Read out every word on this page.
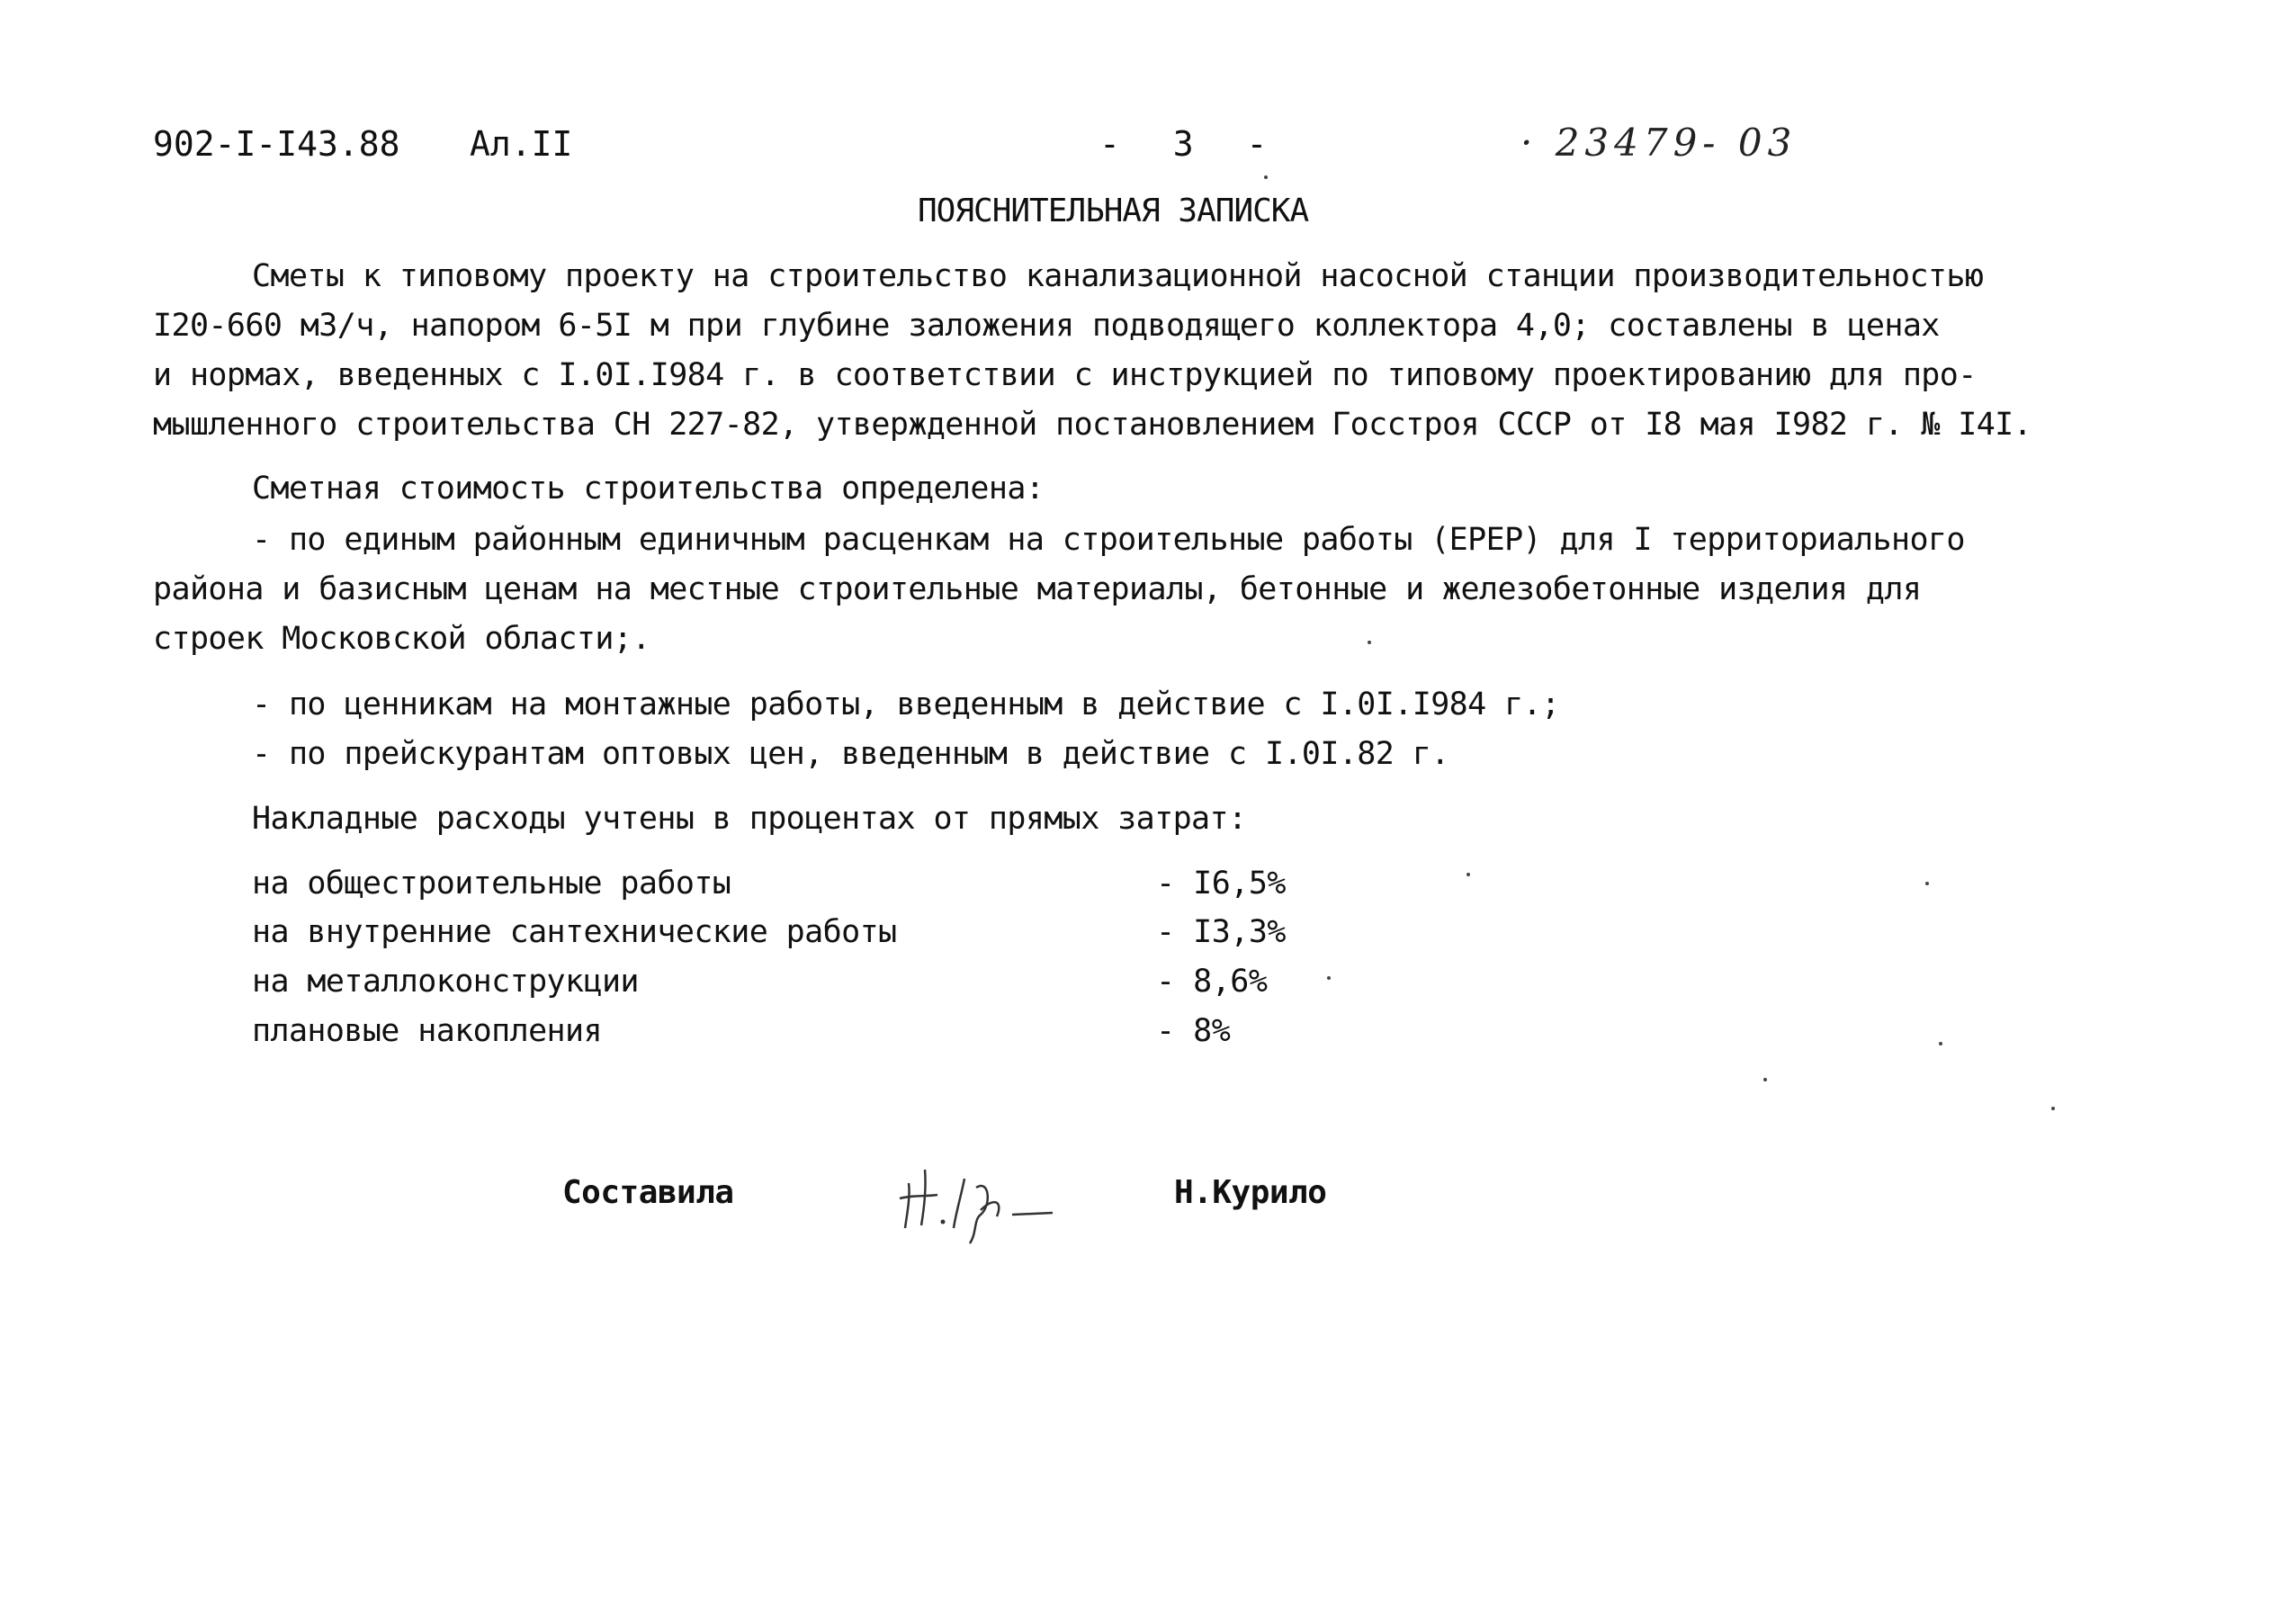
902-I-I43.88 Ал.II	- 3 -	· 23479- 03
ПОЯСНИТЕЛЬНАЯ ЗАПИСКА
Сметы к типовому проекту на строительство канализационной насосной станции производительностью
I20-660 м3/ч, напором 6-5I м при глубине заложения подводящего коллектора 4,0; составлены в ценах
и нормах, введенных с I.0I.I984 г. в соответствии с инструкцией по типовому проектированию для про-
мышленного строительства СН 227-82, утвержденной постановлением Госстроя СССР от I8 мая I982 г. № I4I.
Сметная стоимость строительства определена:
- по единым районным единичным расценкам на строительные работы (ЕРЕР) для I территориального
района и базисным ценам на местные строительные материалы, бетонные и железобетонные изделия для
строек Московской области;.
- по ценникам на монтажные работы, введенным в действие с I.0I.I984 г.;
- по прейскурантам оптовых цен, введенным в действие с I.0I.82 г.
Накладные расходы учтены в процентах от прямых затрат:
на общестроительные работы	- I6,5%
на внутренние сантехнические работы	- I3,3%
на металлоконструкции	- 8,6%
плановые накопления	- 8%
Составила	Н.Курило
